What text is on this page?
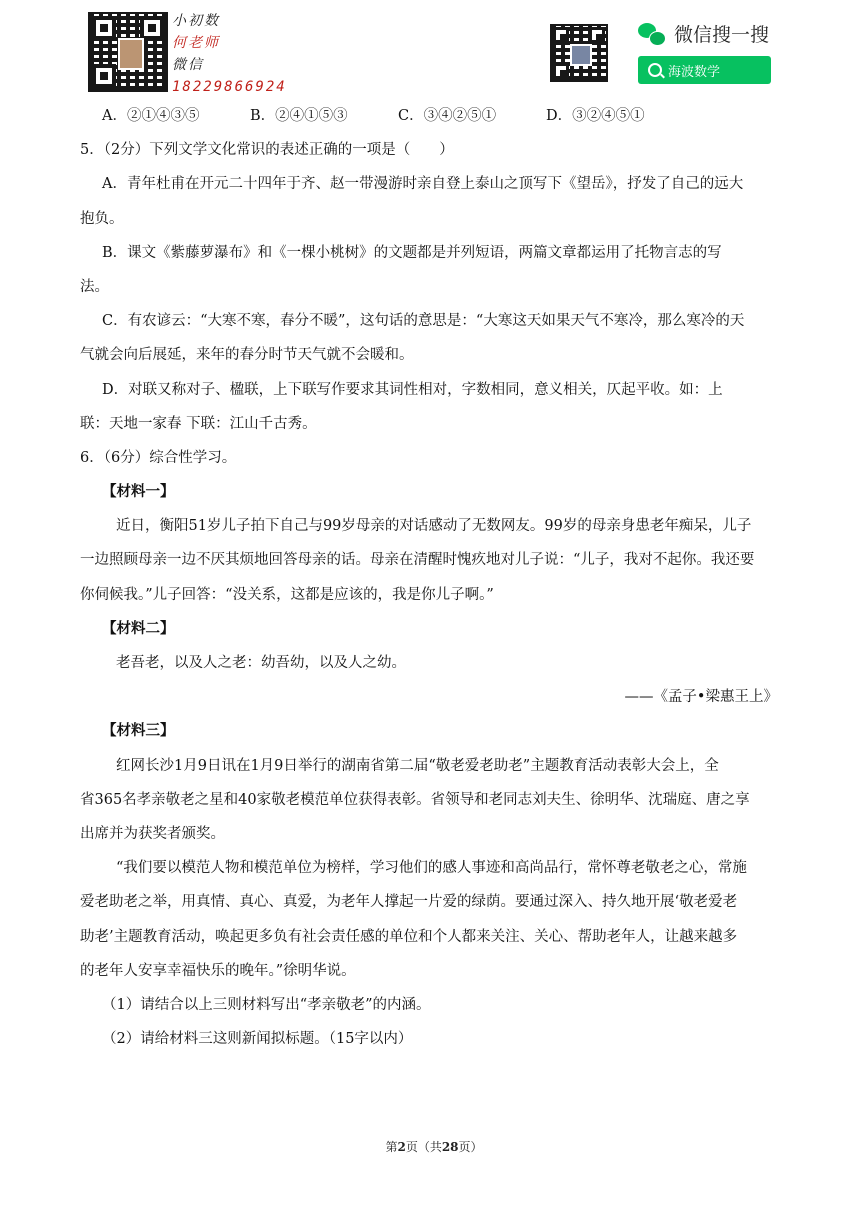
小初数
何老师
微信
18229866924
微信搜一搜
海波数学
A．②①④③⑤	B．②④①⑤③	C．③④②⑤①	D．③②④⑤①
5．（2分）下列文学文化常识的表述正确的一项是（　　）
A．青年杜甫在开元二十四年于齐、赵一带漫游时亲自登上泰山之顶写下《望岳》，抒发了自己的远大
抱负。
B．课文《紫藤萝瀑布》和《一棵小桃树》的文题都是并列短语，两篇文章都运用了托物言志的写
法。
C．有农谚云：“大寒不寒，春分不暖”，这句话的意思是：“大寒这天如果天气不寒冷，那么寒冷的天
气就会向后展延，来年的春分时节天气就不会暖和。
D．对联又称对子、楹联，上下联写作要求其词性相对，字数相同，意义相关，仄起平收。如：上
联：天地一家春 下联：江山千古秀。
6．（6分）综合性学习。
【材料一】
近日，衡阳51岁儿子拍下自己与99岁母亲的对话感动了无数网友。99岁的母亲身患老年痴呆，儿子
一边照顾母亲一边不厌其烦地回答母亲的话。母亲在清醒时愧疚地对儿子说：“儿子，我对不起你。我还要
你伺候我。”儿子回答：“没关系，这都是应该的，我是你儿子啊。”
【材料二】
老吾老，以及人之老：幼吾幼，以及人之幼。
——《孟子•梁惠王上》
【材料三】
红网长沙1月9日讯在1月9日举行的湖南省第二届“敬老爱老助老”主题教育活动表彰大会上，全
省365名孝亲敬老之星和40家敬老模范单位获得表彰。省领导和老同志刘夫生、徐明华、沈瑞庭、唐之享
出席并为获奖者颁奖。
“我们要以模范人物和模范单位为榜样，学习他们的感人事迹和高尚品行，常怀尊老敬老之心，常施
爱老助老之举，用真情、真心、真爱，为老年人撑起一片爱的绿荫。要通过深入、持久地开展‘敬老爱老
助老’主题教育活动，唤起更多负有社会责任感的单位和个人都来关注、关心、帮助老年人，让越来越多
的老年人安享幸福快乐的晚年。”徐明华说。
（1）请结合以上三则材料写出“孝亲敬老”的内涵。
（2）请给材料三这则新闻拟标题。（15字以内）
第2页（共28页）
